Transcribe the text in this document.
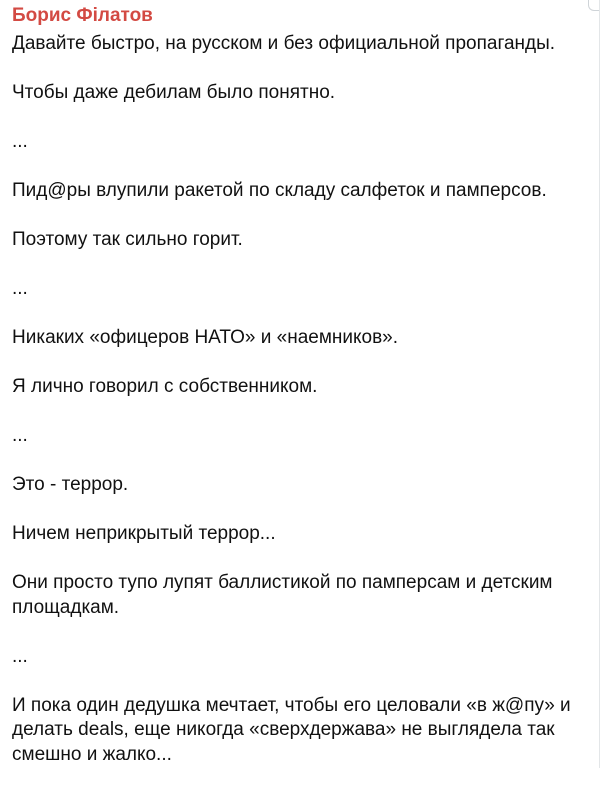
Борис Філатов

Давайте быстро, на русском и без официальной пропаганды.

Чтобы даже дебилам было понятно.

...

Пид@ры влупили ракетой по складу салфеток и памперсов.

Поэтому так сильно горит.

...

Никаких «офицеров НАТО» и «наемников».

Я лично говорил с собственником.

...

Это - террор.

Ничем неприкрытый террор...

Они просто тупо лупят баллистикой по памперсам и детским площадкам.

...

И пока один дедушка мечтает, чтобы его целовали «в ж@пу» и делать deals, еще никогда «сверхдержава» не выглядела так смешно и жалко...
